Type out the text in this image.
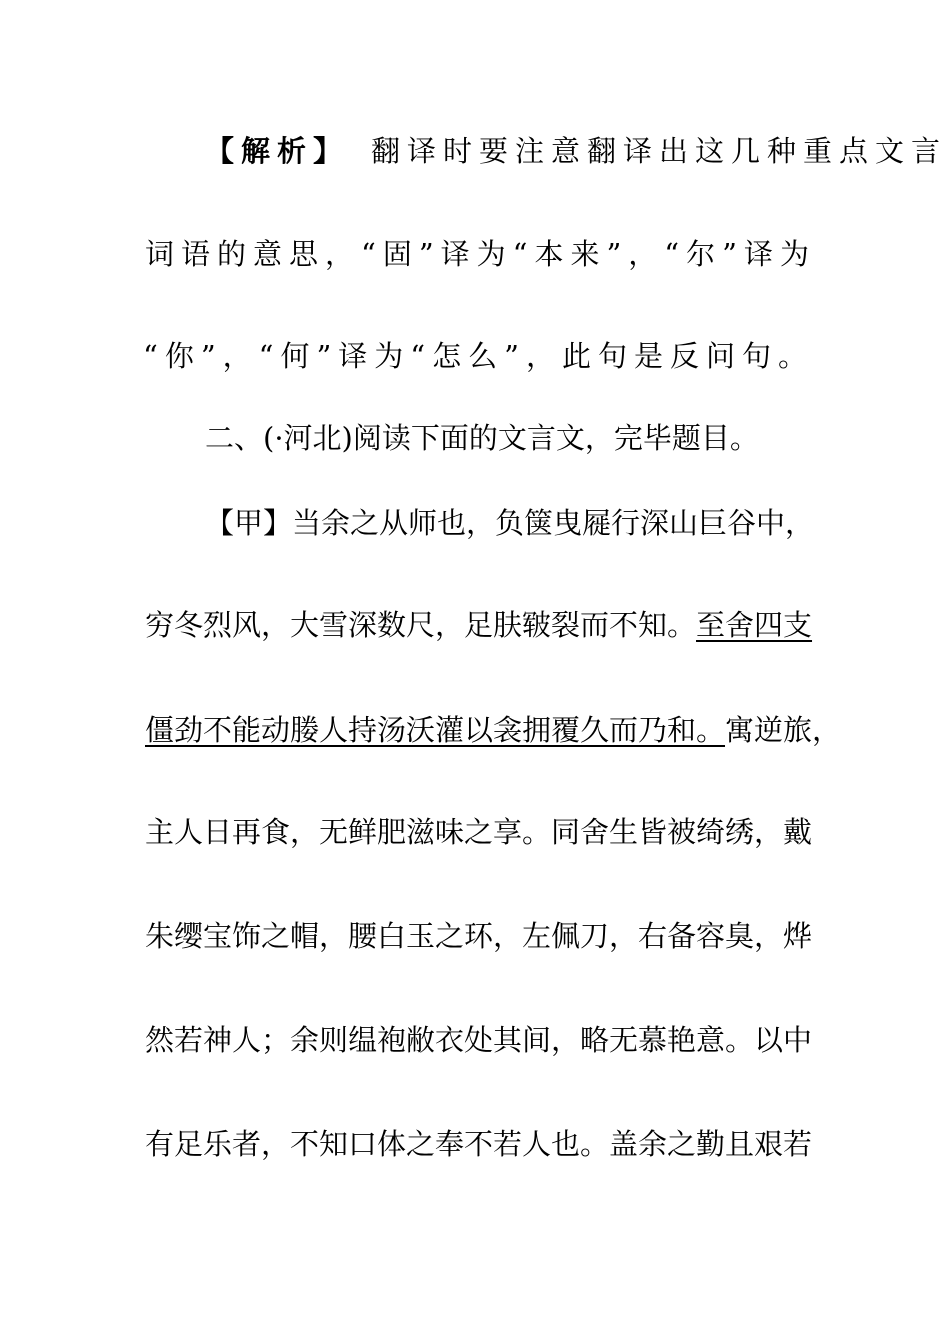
【解析】 翻译时要注意翻译出这几种重点文言
词语的意思，“固”译为“本来”，“尔”译为
“你”，“何”译为“怎么”，此句是反问句。
二、(·河北)阅读下面的文言文，完毕题目。
【甲】当余之从师也，负箧曳屣行深山巨谷中，
穷冬烈风，大雪深数尺，足肤皲裂而不知。至舍四支
僵劲不能动媵人持汤沃灌以衾拥覆久而乃和。寓逆旅，
主人日再食，无鲜肥滋味之享。同舍生皆被绮绣，戴
朱缨宝饰之帽，腰白玉之环，左佩刀，右备容臭，烨
然若神人；余则缊袍敝衣处其间，略无慕艳意。以中
有足乐者，不知口体之奉不若人也。盖余之勤且艰若
